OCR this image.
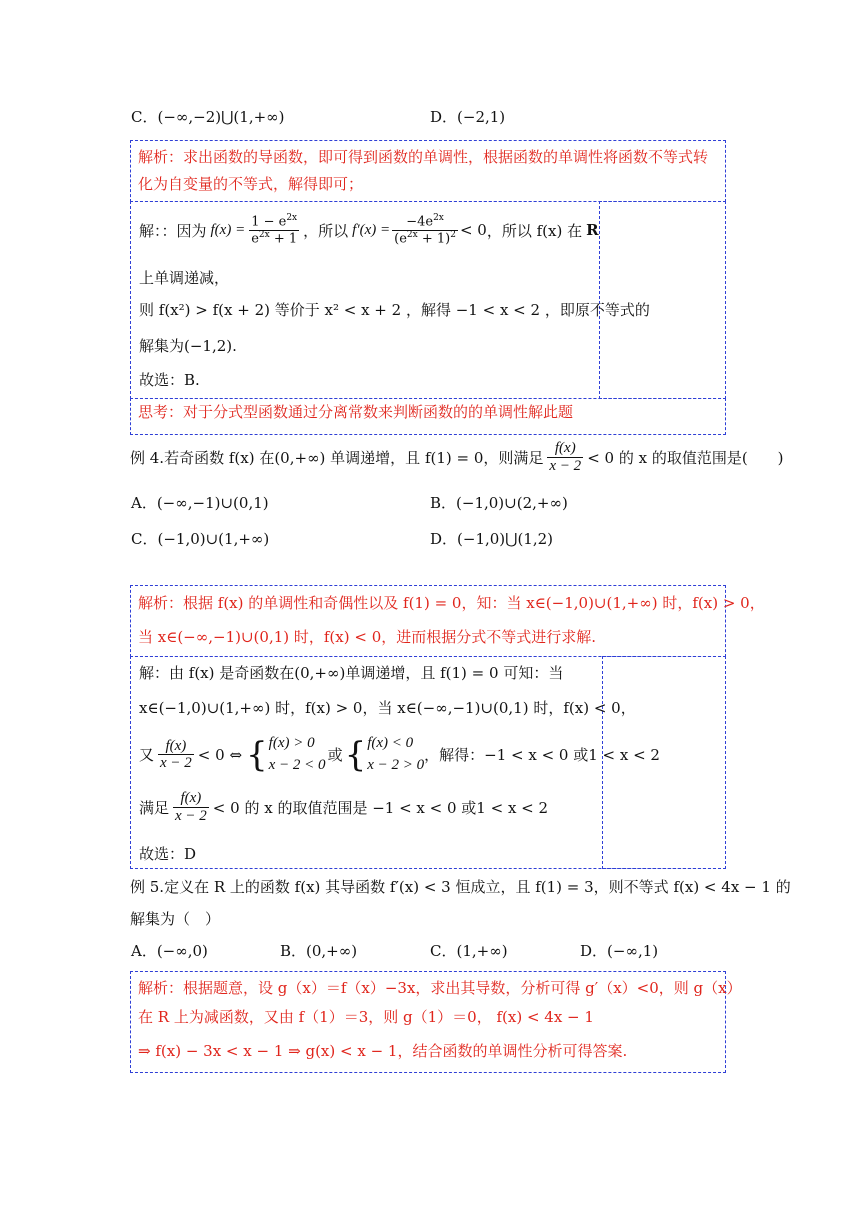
C．(−∞,−2)⋃(1,+∞)	D．(−2,1)
解析：求出函数的导函数，即可得到函数的单调性，根据函数的单调性将函数不等式转
化为自变量的不等式，解得即可；
解：：因为 $f(x) = \frac{1 - e^{2x}}{e^{2x} + 1}$ ，所以 $f'(x) = \frac{-4e^{2x}}{(e^{2x} + 1)^2} < 0$ ，所以 f(x) 在 R
上单调递减，
则 f(x²) > f(x + 2) 等价于 x² < x + 2 ，解得 −1 < x < 2 ，即原不等式的
解集为(−1,2).
故选：B.
思考：对于分式型函数通过分离常数来判断函数的的单调性解此题
例 4.若奇函数 f(x) 在(0,+∞) 单调递增，且 f(1) = 0，则满足 $\frac{f(x)}{x - 2} < 0$ 的 x 的取值范围是(　　)
A．(−∞,−1)∪(0,1)	B．(−1,0)∪(2,+∞)
C．(−1,0)∪(1,+∞)	D．(−1,0)⋃(1,2)
解析：根据 f(x) 的单调性和奇偶性以及 f(1) = 0，知：当 x∈(−1,0)∪(1,+∞) 时，f(x) > 0，
当 x∈(−∞,−1)∪(0,1) 时，f(x) < 0，进而根据分式不等式进行求解.
解：由 f(x) 是奇函数在(0,+∞)单调递增，且 f(1) = 0 可知：当
x∈(−1,0)∪(1,+∞) 时，f(x) > 0，当 x∈(−∞,−1)∪(0,1) 时，f(x) < 0，
又 $\frac{f(x)}{x - 2} < 0$ ⇔ { f(x) > 0
x − 2 < 0
或 { f(x) < 0
x − 2 > 0
，解得：−1 < x < 0 或1 < x < 2
满足 $\frac{f(x)}{x - 2} < 0$ 的 x 的取值范围是 −1 < x < 0 或1 < x < 2
故选：D
例 5.定义在 R 上的函数 f(x) 其导函数 f′(x) < 3 恒成立，且 f(1) = 3，则不等式 f(x) < 4x − 1 的
解集为（　）
A．(−∞,0)	B．(0,+∞)	C．(1,+∞)	D．(−∞,1)
解析：根据题意，设 g（x）＝f（x）−3x，求出其导数，分析可得 g′（x）<0，则 g（x）
在 R 上为减函数，又由 f（1）＝3，则 g（1）＝0， f(x) < 4x − 1
⇒ f(x) − 3x < x − 1 ⇒ g(x) < x − 1，结合函数的单调性分析可得答案.
